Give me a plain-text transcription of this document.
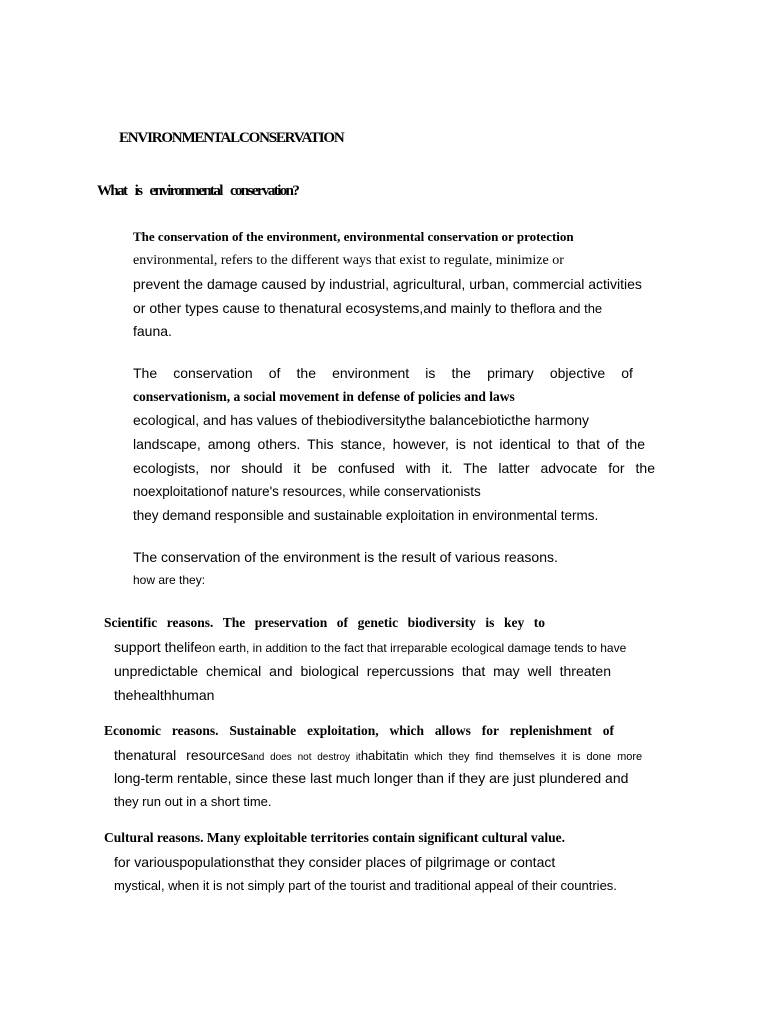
ENVIRONMENTALCONSERVATION
What is environmental conservation?
The conservation of the environment, environmental conservation or protection
environmental, refers to the different ways that exist to regulate, minimize or
prevent the damage caused by industrial, agricultural, urban, commercial activities
or other types cause to thenatural ecosystems,and mainly to theflora and the
fauna.
The conservation of the environment is the primary objective of
conservationism, a social movement in defense of policies and laws
ecological, and has values of thebiodiversitythe balancebioticthe harmony
landscape, among others. This stance, however, is not identical to that of the
ecologists, nor should it be confused with it. The latter advocate for the
noexploitationof nature's resources, while conservationists
they demand responsible and sustainable exploitation in environmental terms.
The conservation of the environment is the result of various reasons.
how are they:
Scientific reasons. The preservation of genetic biodiversity is key to
support thelifeon earth, in addition to the fact that irreparable ecological damage tends to have
unpredictable chemical and biological repercussions that may well threaten
thehealthhuman
Economic reasons. Sustainable exploitation, which allows for replenishment of
thenatural resources and does not destroy it habitat in which they find themselves it is done more
long-term rentable, since these last much longer than if they are just plundered and
they run out in a short time.
Cultural reasons. Many exploitable territories contain significant cultural value.
for variouspopulationsthat they consider places of pilgrimage or contact
mystical, when it is not simply part of the tourist and traditional appeal of their countries.
